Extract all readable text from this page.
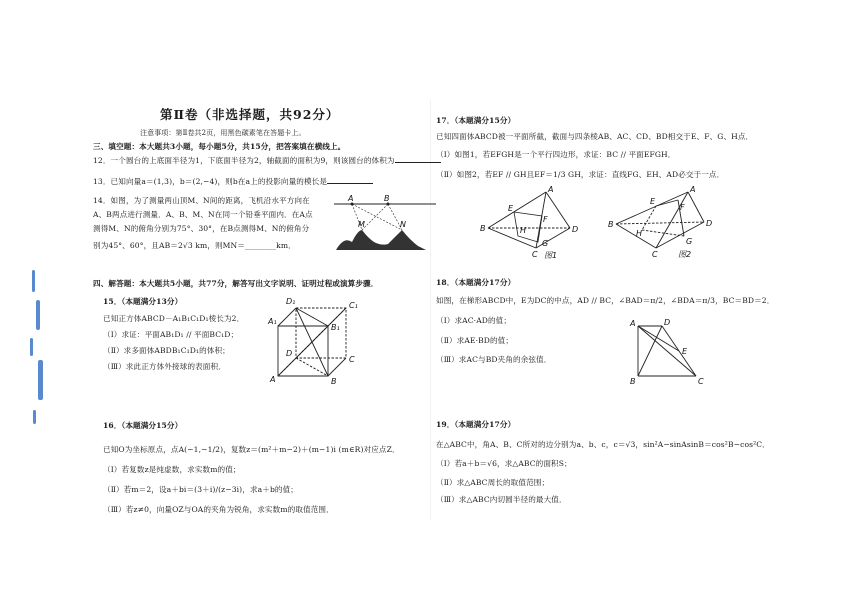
第Ⅱ卷（非选择题，共92分）
注意事项：第Ⅱ卷共2页，用黑色碳素笔在答题卡上。
三、填空题：本大题共3小题，每小题5分，共15分，把答案填在横线上。
12．一个圆台的上底面半径为1，下底面半径为2，轴截面的面积为9，则该圆台的体积为
13．已知向量a＝(1,3)，b＝(2,−4)，则b在a上的投影向量的模长是
14．如图，为了测量两山顶M、N间的距离，飞机沿水平方向在
A、B两点进行测量．A、B、M、N在同一个铅垂平面内．在A点
测得M、N的俯角分别为75°、30°，在B点测得M、N的俯角分
别为45°、60°，且AB＝2√3 km，则MN＝________km．
A	B
M	N
四、解答题：本大题共5小题，共77分，解答写出文字说明、证明过程或演算步骤．
15．（本题满分13分）
已知正方体ABCD－A₁B₁C₁D₁棱长为2．
（Ⅰ）求证：平面AB₁D₁ // 平面BC₁D；
（Ⅱ）求多面体ABDB₁C₁D₁的体积；
（Ⅲ）求此正方体外接球的表面积．
A	B
C
D
A₁
B₁
C₁
D₁
16．（本题满分15分）
已知O为坐标原点，点A(−1,−1/2)，复数z＝(m²＋m−2)＋(m−1)i (m∈R)对应点Z．
（Ⅰ）若复数z是纯虚数，求实数m的值；
（Ⅱ）若m＝2，设a＋bi＝(3＋i)/(z−3i)，求a＋b的值；
（Ⅲ）若z≠0，向量OZ与OA的夹角为锐角，求实数m的取值范围．
17．（本题满分15分）
已知四面体ABCD被一平面所截，截面与四条棱AB、AC、CD、BD相交于E、F、G、H点．
（Ⅰ）如图1，若EFGH是一个平行四边形，求证：BC // 平面EFGH．
（Ⅱ）如图2，若EF // GH且EF＝1/3 GH，求证：直线FG、EH、AD必交于一点．
B
A
D
C
E
F
G
H
图1
B
A
D
C
E
F
G
H
图2
18．（本题满分17分）
如图，在梯形ABCD中，E为DC的中点，AD // BC，∠BAD＝π/2，∠BDA＝π/3，BC＝BD＝2．
（Ⅰ）求AC·AD的值；
（Ⅱ）求AE·BD的值；
（Ⅲ）求AC与BD夹角的余弦值．
A	D
B	C
E
19．（本题满分17分）
在△ABC中，角A、B、C所对的边分别为a、b、c，c＝√3，sin²A−sinAsinB＝cos²B−cos²C．
（Ⅰ）若a＋b＝√6，求△ABC的面积S；
（Ⅱ）求△ABC周长的取值范围；
（Ⅲ）求△ABC内切圆半径的最大值．
